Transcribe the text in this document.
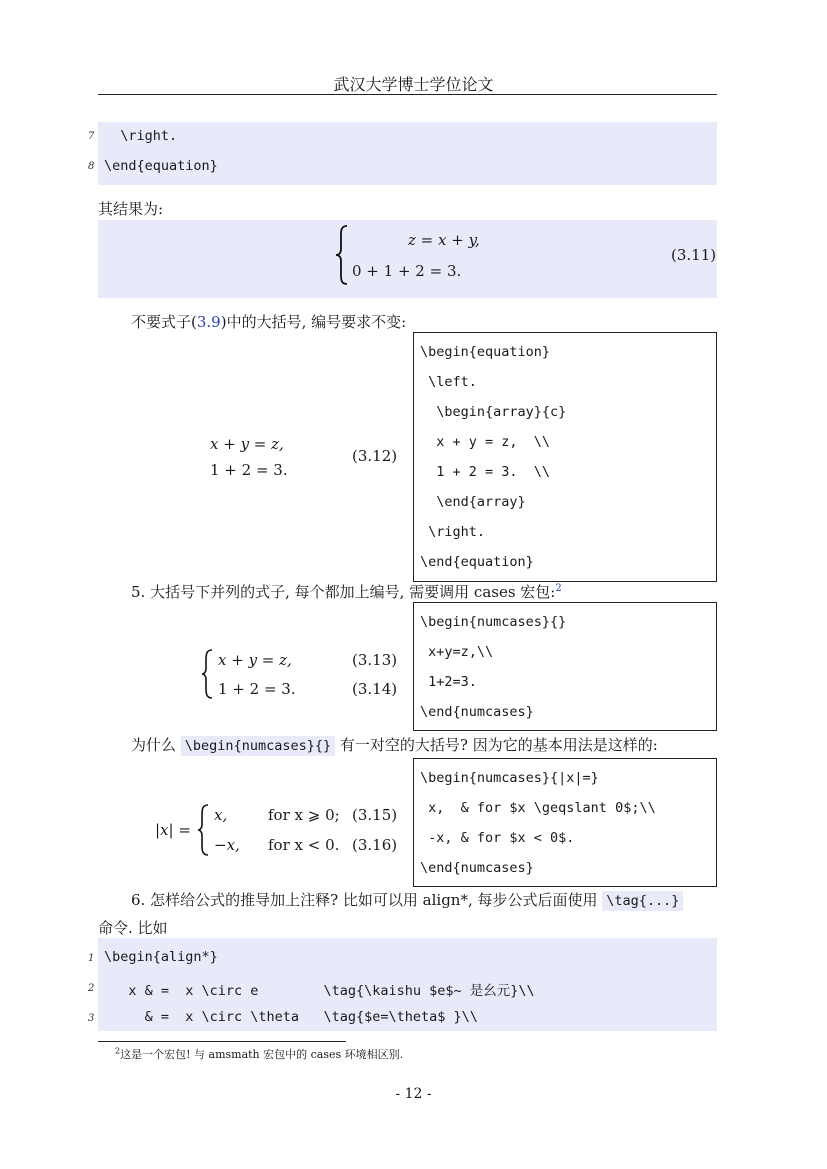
武汉大学博士学位论文
7 \right.
8 \end{equation}
其结果为:
z = x + y,
0 + 1 + 2 = 3.
(3.11)
不要式子(3.9)中的大括号, 编号要求不变:
x + y = z,
1 + 2 = 3.
(3.12)
\begin{equation}
\left.
\begin{array}{c}
x + y = z,  \\
1 + 2 = 3.  \\
\end{array}
\right.
\end{equation}
5. 大括号下并列的式子, 每个都加上编号, 需要调用 cases 宏包:$^2$
x + y = z,	(3.13)
1 + 2 = 3.	(3.14)
\begin{numcases}{}
x+y=z,\\
1+2=3.
\end{numcases}
为什么 \begin{numcases}{} 有一对空的大括号? 因为它的基本用法是这样的:
|x| =
x,	for x ⩾ 0; (3.15)
−x, for x < 0. (3.16)
\begin{numcases}{|x|=}
x,  & for $x \geqslant 0$;\\
-x, & for $x < 0$.
\end{numcases}
6. 怎样给公式的推导加上注释? 比如可以用 align*, 每步公式后面使用 \tag{...}
命令. 比如
1 \begin{align*}
2 x & =  x \circ e        \tag{\kaishu $e$~ 是幺元}\\
3 & =  x \circ \theta   \tag{$e=\theta$ }\\
$^2$这是一个宏包! 与 amsmath 宏包中的 cases 环境相区别.
- 12 -
